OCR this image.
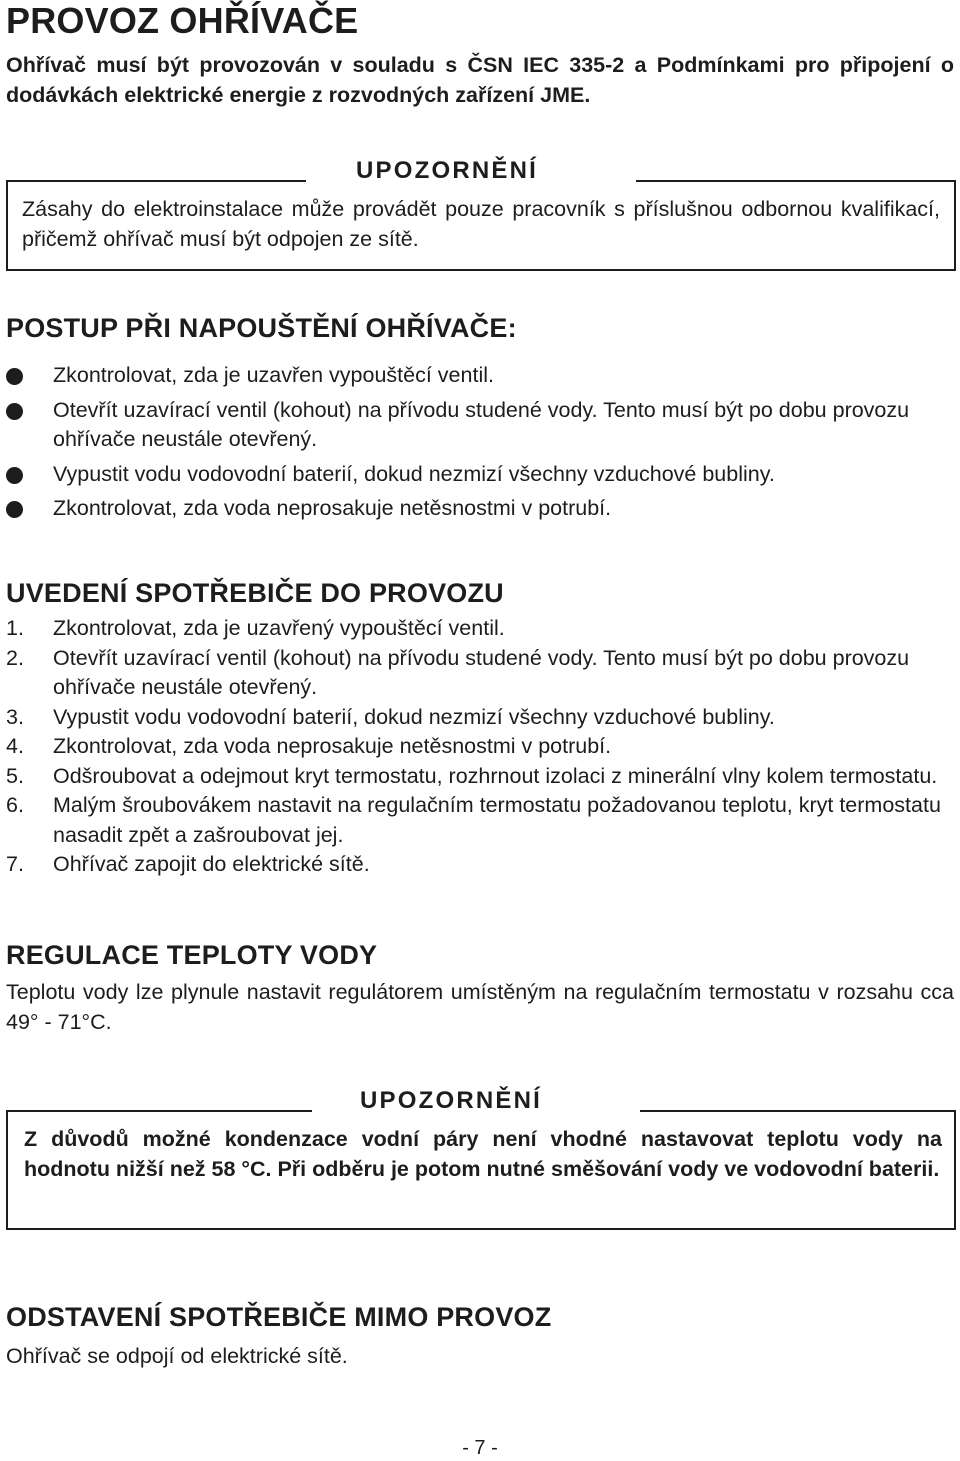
PROVOZ OHŘÍVAČE
Ohřívač musí být provozován v souladu s ČSN IEC 335-2 a Podmínkami pro připojení o dodávkách elektrické energie z rozvodných zařízení JME.
UPOZORNĚNÍ
Zásahy do elektroinstalace může provádět pouze pracovník s příslušnou odbornou kvalifikací, přičemž ohřívač musí být odpojen ze sítě.
POSTUP PŘI NAPOUŠTĚNÍ OHŘÍVAČE:
Zkontrolovat, zda je uzavřen vypouštěcí ventil.
Otevřít uzavírací ventil (kohout) na přívodu studené vody. Tento musí být po dobu provozu ohřívače neustále otevřený.
Vypustit vodu vodovodní baterií, dokud nezmizí všechny vzduchové bubliny.
Zkontrolovat, zda voda neprosakuje netěsnostmi v potrubí.
UVEDENÍ SPOTŘEBIČE DO PROVOZU
1. Zkontrolovat, zda je uzavřený vypouštěcí ventil.
2. Otevřít uzavírací ventil (kohout) na přívodu studené vody. Tento musí být po dobu provozu ohřívače neustále otevřený.
3. Vypustit vodu vodovodní baterií, dokud nezmizí všechny vzduchové bubliny.
4. Zkontrolovat, zda voda neprosakuje netěsnostmi v potrubí.
5. Odšroubovat a odejmout kryt termostatu, rozhrnout izolaci z minerální vlny kolem termostatu.
6. Malým šroubovákem nastavit na regulačním termostatu požadovanou teplotu, kryt termostatu nasadit zpět a zašroubovat jej.
7. Ohřívač zapojit do elektrické sítě.
REGULACE TEPLOTY VODY
Teplotu vody lze plynule nastavit regulátorem umístěným na regulačním termostatu v rozsahu cca 49° - 71°C.
UPOZORNĚNÍ
Z důvodů možné kondenzace vodní páry není vhodné nastavovat teplotu vody na hodnotu nižší než 58 °C. Při odběru je potom nutné směšování vody ve vodovodní baterii.
ODSTAVENÍ SPOTŘEBIČE MIMO PROVOZ
Ohřívač se odpojí od elektrické sítě.
- 7 -
